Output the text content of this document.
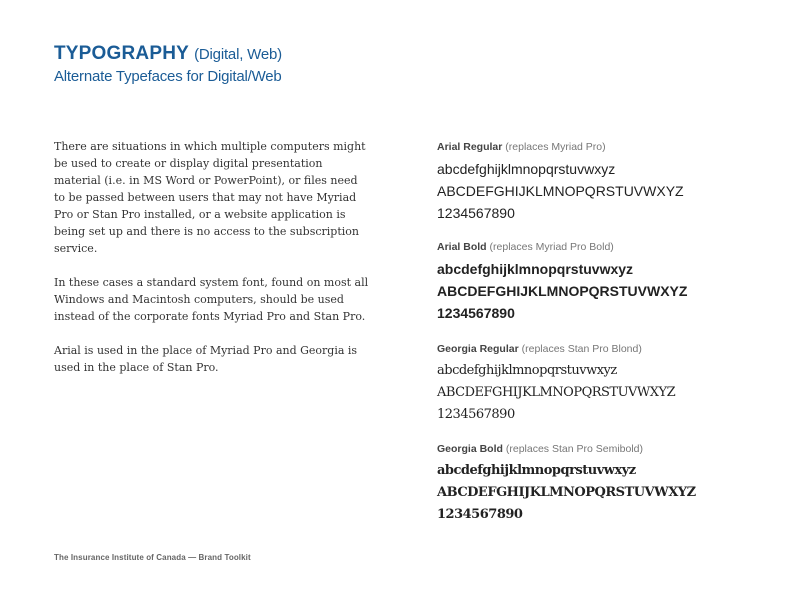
TYPOGRAPHY (Digital, Web)
Alternate Typefaces for Digital/Web

There are situations in which multiple computers might be used to create or display digital presentation material (i.e. in MS Word or PowerPoint), or files need to be passed between users that may not have Myriad Pro or Stan Pro installed, or a website application is being set up and there is no access to the subscription service.

In these cases a standard system font, found on most all Windows and Macintosh computers, should be used instead of the corporate fonts Myriad Pro and Stan Pro.

Arial is used in the place of Myriad Pro and Georgia is used in the place of Stan Pro.

Arial Regular (replaces Myriad Pro)
abcdefghijklmnopqrstuvwxyz
ABCDEFGHIJKLMNOPQRSTUVWXYZ
1234567890
Arial Bold (replaces Myriad Pro Bold)
abcdefghijklmnopqrstuvwxyz
ABCDEFGHIJKLMNOPQRSTUVWXYZ
1234567890
Georgia Regular (replaces Stan Pro Blond)
abcdefghijklmnopqrstuvwxyz
ABCDEFGHIJKLMNOPQRSTUVWXYZ
1234567890
Georgia Bold (replaces Stan Pro Semibold)
abcdefghijklmnopqrstuvwxyz
ABCDEFGHIJKLMNOPQRSTUVWXYZ
1234567890
The Insurance Institute of Canada — Brand Toolkit
